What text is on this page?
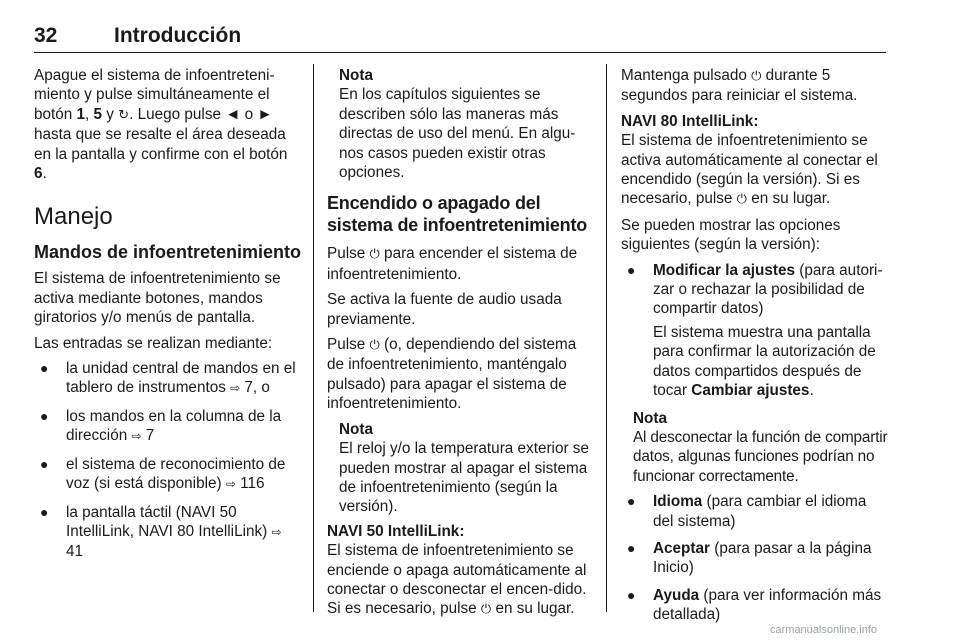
32	Introducción

Apague el sistema de infoentreteni-miento y pulse simultáneamente el botón 1, 5 y ↻. Luego pulse ◄ o ► hasta que se resalte el área deseada en la pantalla y confirme con el botón 6.

Manejo
Mandos de infoentretenimiento

El sistema de infoentretenimiento se activa mediante botones, mandos giratorios y/o menús de pantalla.

Las entradas se realizan mediante:

● la unidad central de mandos en el tablero de instrumentos ⇨ 7, o
● los mandos en la columna de la dirección ⇨ 7
● el sistema de reconocimiento de voz (si está disponible) ⇨ 116
● la pantalla táctil (NAVI 50 IntelliLink, NAVI 80 IntelliLink) ⇨ 41

Nota

En los capítulos siguientes se describen sólo las maneras más directas de uso del menú. En algu-nos casos pueden existir otras opciones.

Encendido o apagado del sistema de infoentretenimiento

Pulse ⏻ para encender el sistema de infoentretenimiento.

Se activa la fuente de audio usada previamente.

Pulse ⏻ (o, dependiendo del sistema de infoentretenimiento, manténgalo pulsado) para apagar el sistema de infoentretenimiento.

Nota

El reloj y/o la temperatura exterior se pueden mostrar al apagar el sistema de infoentretenimiento (según la versión).

NAVI 50 IntelliLink:

El sistema de infoentretenimiento se enciende o apaga automáticamente al conectar o desconectar el encen-dido. Si es necesario, pulse ⏻ en su lugar.

Mantenga pulsado ⏻ durante 5 segundos para reiniciar el sistema.

NAVI 80 IntelliLink:

El sistema de infoentretenimiento se activa automáticamente al conectar el encendido (según la versión). Si es necesario, pulse ⏻ en su lugar.

Se pueden mostrar las opciones siguientes (según la versión):

● Modificar la ajustes (para autori-zar o rechazar la posibilidad de compartir datos)
El sistema muestra una pantalla para confirmar la autorización de datos compartidos después de tocar Cambiar ajustes.

Nota

Al desconectar la función de compartir datos, algunas funciones podrían no funcionar correctamente.

● Idioma (para cambiar el idioma del sistema)
● Aceptar (para pasar a la página Inicio)
● Ayuda (para ver información más detallada)
carmanualsonline.info
